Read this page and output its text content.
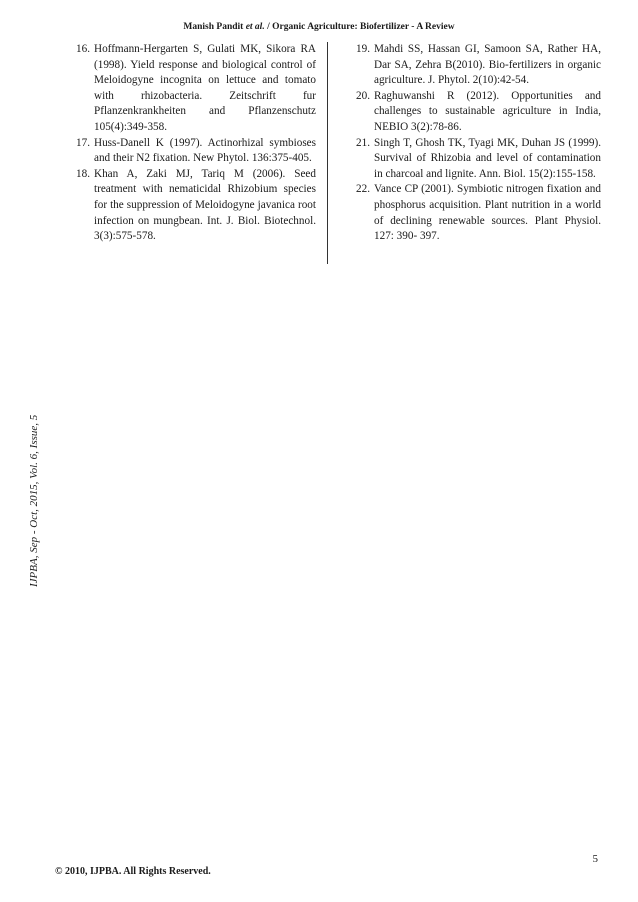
Manish Pandit et al. / Organic Agriculture: Biofertilizer - A Review
16. Hoffmann-Hergarten S, Gulati MK, Sikora RA (1998). Yield response and biological control of Meloidogyne incognita on lettuce and tomato with rhizobacteria. Zeitschrift fur Pflanzenkrankheiten and Pflanzenschutz 105(4):349-358.
17. Huss-Danell K (1997). Actinorhizal symbioses and their N2 fixation. New Phytol. 136:375-405.
18. Khan A, Zaki MJ, Tariq M (2006). Seed treatment with nematicidal Rhizobium species for the suppression of Meloidogyne javanica root infection on mungbean. Int. J. Biol. Biotechnol. 3(3):575-578.
19. Mahdi SS, Hassan GI, Samoon SA, Rather HA, Dar SA, Zehra B(2010). Bio-fertilizers in organic agriculture. J. Phytol. 2(10):42-54.
20. Raghuwanshi R (2012). Opportunities and challenges to sustainable agriculture in India, NEBIO 3(2):78-86.
21. Singh T, Ghosh TK, Tyagi MK, Duhan JS (1999). Survival of Rhizobia and level of contamination in charcoal and lignite. Ann. Biol. 15(2):155-158.
22. Vance CP (2001). Symbiotic nitrogen fixation and phosphorus acquisition. Plant nutrition in a world of declining renewable sources. Plant Physiol. 127: 390- 397.
IJPBA, Sep - Oct, 2015, Vol. 6, Issue, 5
5
© 2010, IJPBA. All Rights Reserved.
